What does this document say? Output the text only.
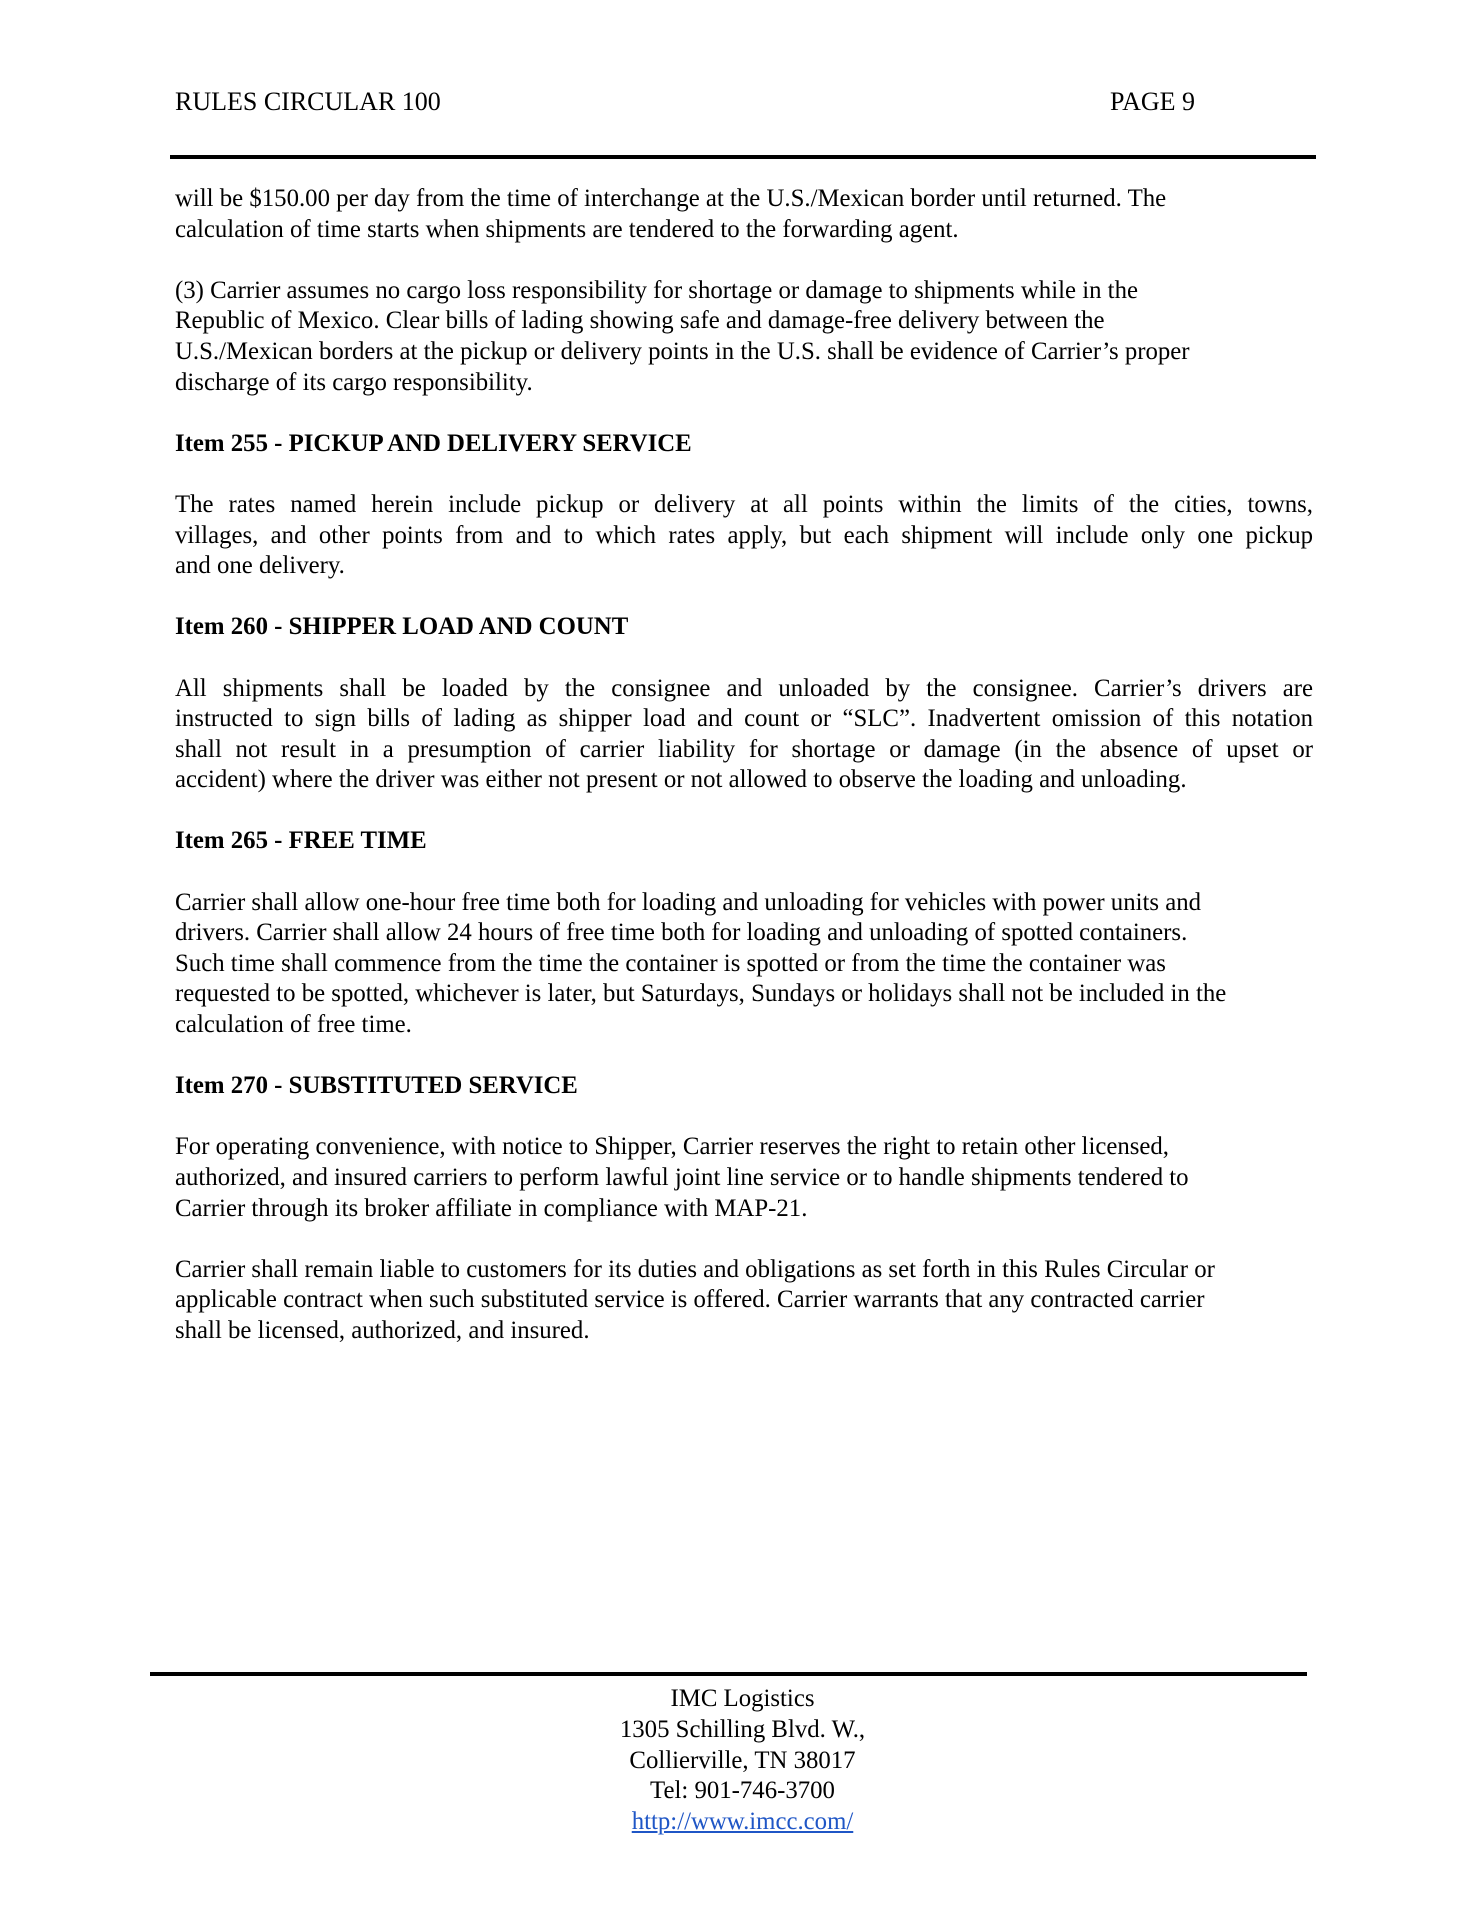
RULES CIRCULAR 100	PAGE 9

will be $150.00 per day from the time of interchange at the U.S./Mexican border until returned. The
calculation of time starts when shipments are tendered to the forwarding agent.

(3) Carrier assumes no cargo loss responsibility for shortage or damage to shipments while in the
Republic of Mexico. Clear bills of lading showing safe and damage-free delivery between the
U.S./Mexican borders at the pickup or delivery points in the U.S. shall be evidence of Carrier’s proper
discharge of its cargo responsibility.

Item 255 - PICKUP AND DELIVERY SERVICE

The rates named herein include pickup or delivery at all points within the limits of the cities, towns,
villages, and other points from and to which rates apply, but each shipment will include only one pickup
and one delivery.

Item 260 - SHIPPER LOAD AND COUNT

All shipments shall be loaded by the consignee and unloaded by the consignee. Carrier’s drivers are
instructed to sign bills of lading as shipper load and count or “SLC”. Inadvertent omission of this notation
shall not result in a presumption of carrier liability for shortage or damage (in the absence of upset or
accident) where the driver was either not present or not allowed to observe the loading and unloading.

Item 265 - FREE TIME

Carrier shall allow one-hour free time both for loading and unloading for vehicles with power units and
drivers. Carrier shall allow 24 hours of free time both for loading and unloading of spotted containers.
Such time shall commence from the time the container is spotted or from the time the container was
requested to be spotted, whichever is later, but Saturdays, Sundays or holidays shall not be included in the
calculation of free time.

Item 270 - SUBSTITUTED SERVICE

For operating convenience, with notice to Shipper, Carrier reserves the right to retain other licensed,
authorized, and insured carriers to perform lawful joint line service or to handle shipments tendered to
Carrier through its broker affiliate in compliance with MAP-21.

Carrier shall remain liable to customers for its duties and obligations as set forth in this Rules Circular or
applicable contract when such substituted service is offered. Carrier warrants that any contracted carrier
shall be licensed, authorized, and insured.

IMC Logistics
1305 Schilling Blvd. W.,
Collierville, TN 38017
Tel: 901-746-3700
http://www.imcc.com/
